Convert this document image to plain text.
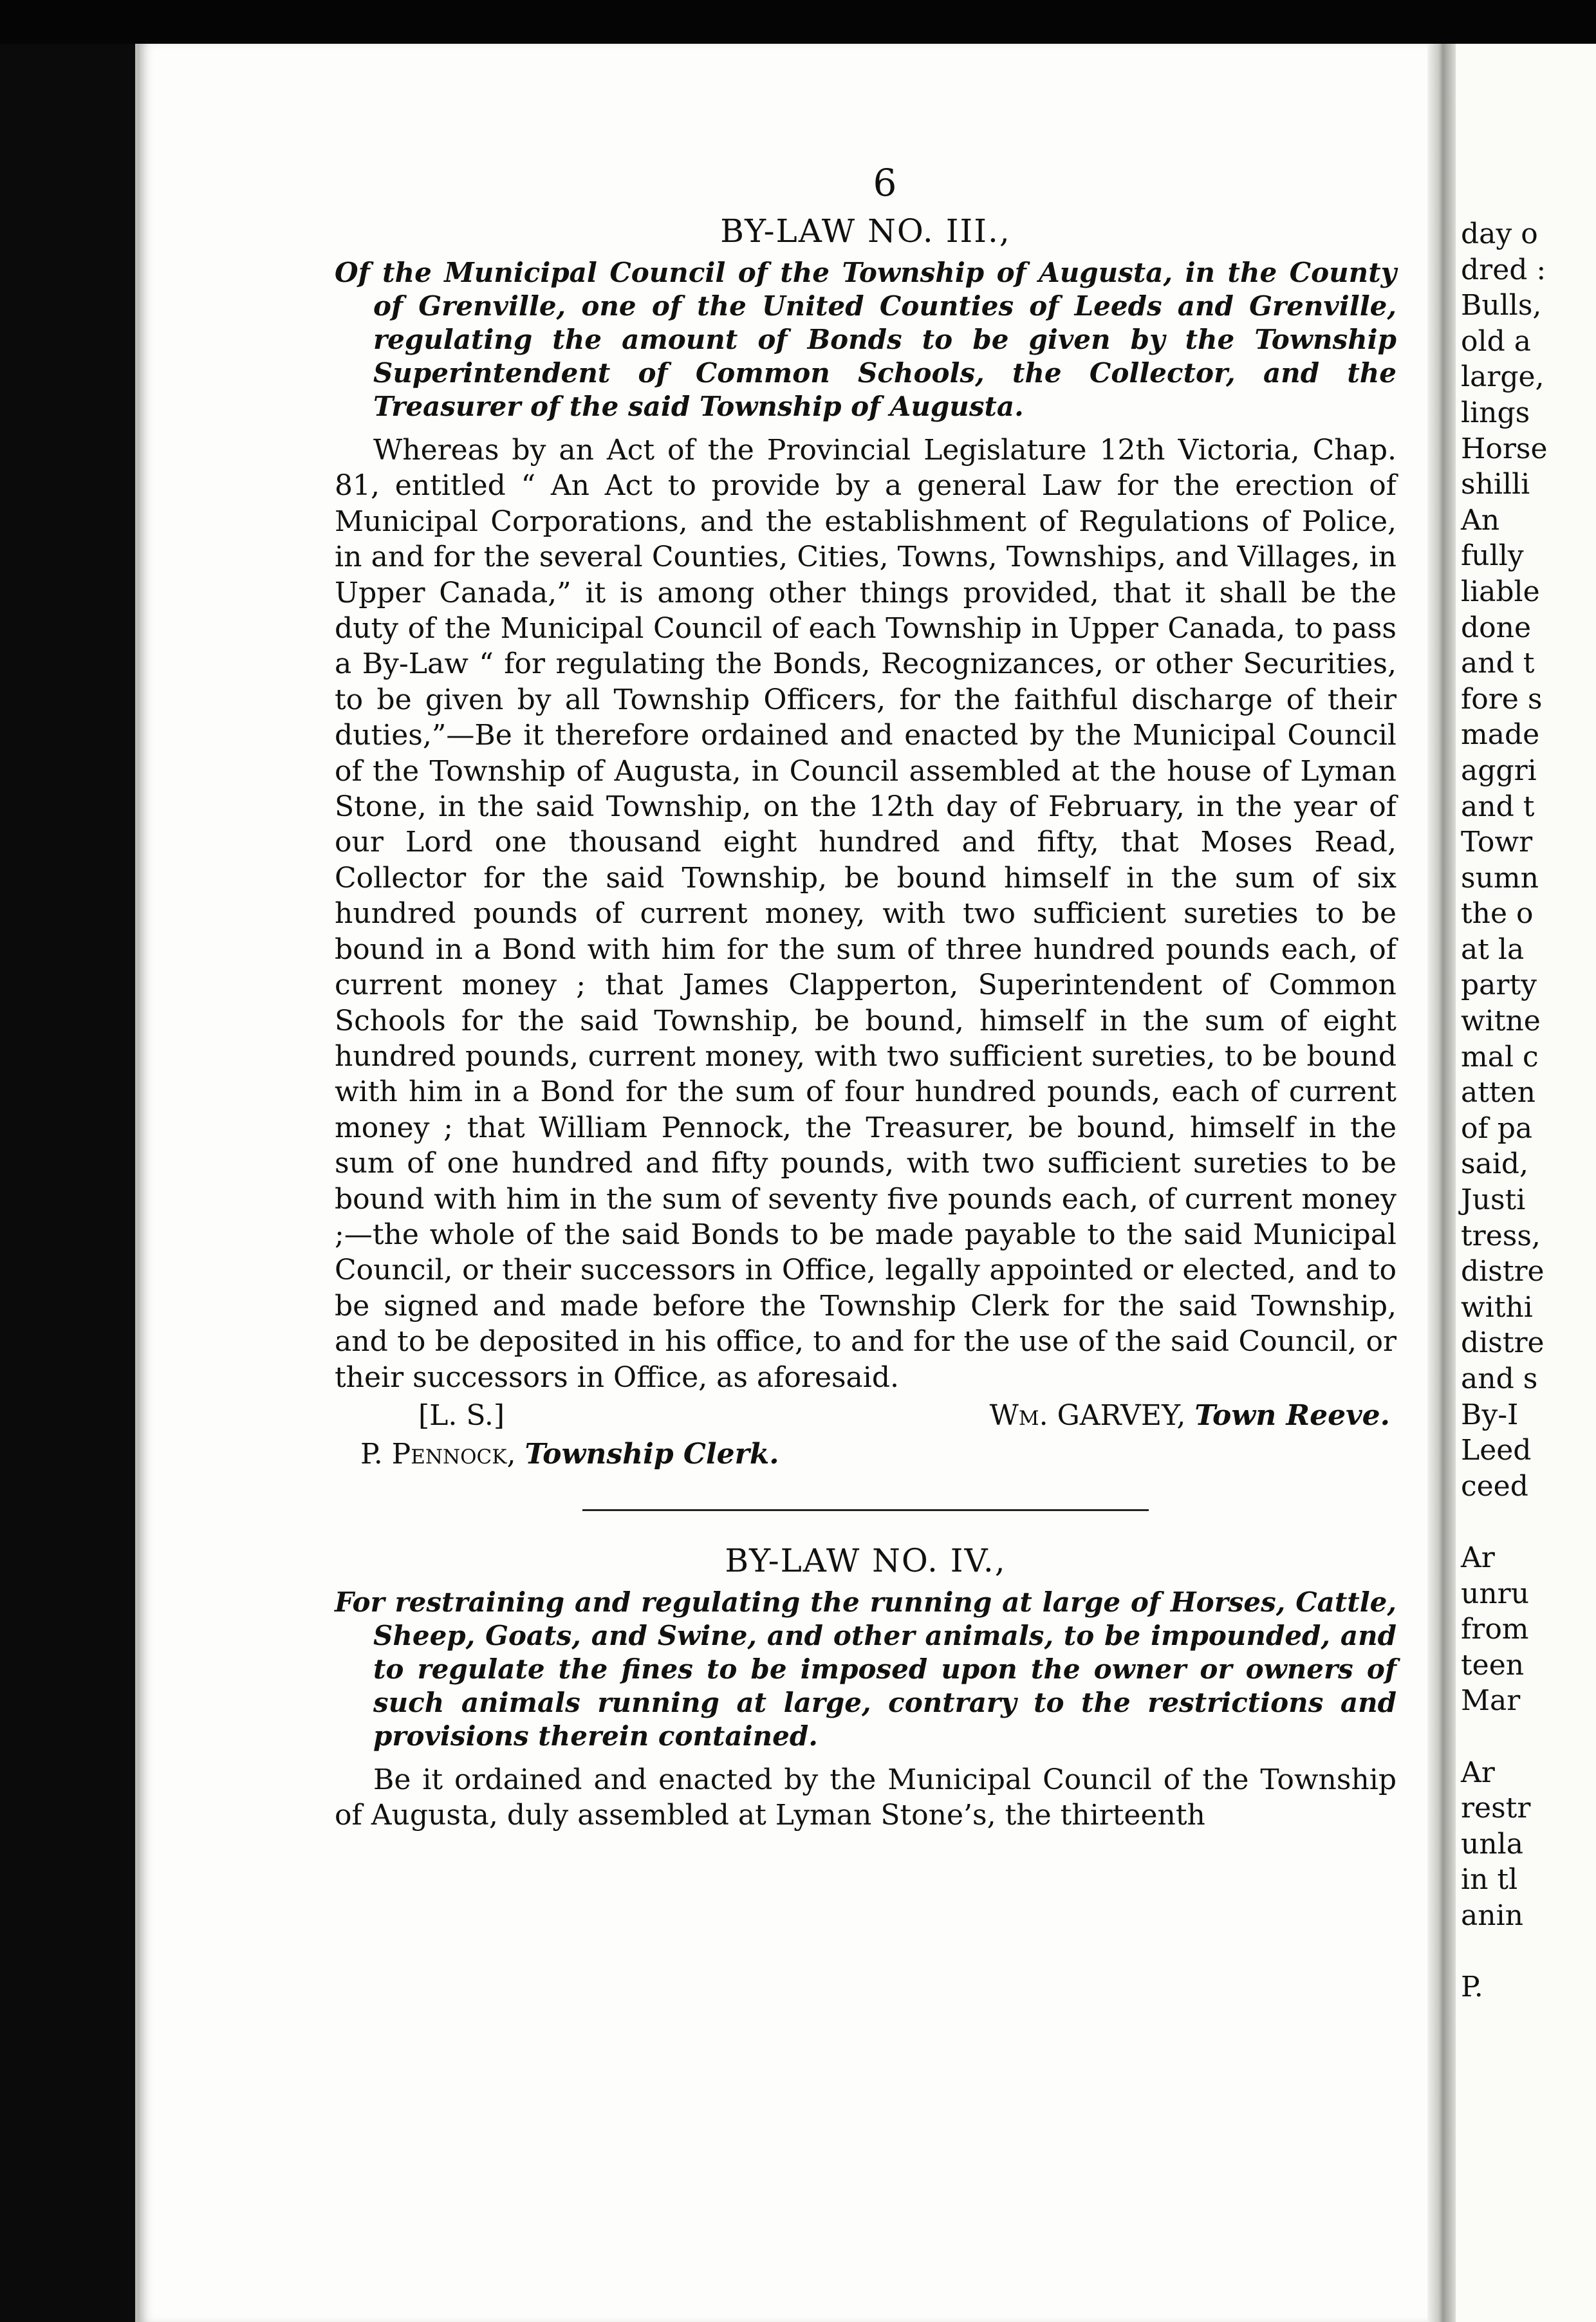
day o
dred :
Bulls,
old a
large,
lings
Horse
shilli
An
fully
liable
done
and t
fore s
made
aggri
and t
Towr
sumn
the o
at la
party
witne
mal c
atten
of pa
said,
Justi
tress,
distre
withi
distre
and s
By-I
Leed
ceed

Ar
unru
from
teen
Mar

Ar
restr
unla
in tl
anin

P.
6
BY-LAW NO. III.,

Of the Municipal Council of the Township of Augusta, in the County of Grenville, one of the United Counties of Leeds and Grenville, regulating the amount of Bonds to be given by the Township Superintendent of Common Schools, the Collector, and the Treasurer of the said Township of Augusta.

Whereas by an Act of the Provincial Legislature 12th Victoria, Chap. 81, entitled “ An Act to provide by a general Law for the erection of Municipal Corporations, and the establishment of Regulations of Police, in and for the several Counties, Cities, Towns, Townships, and Villages, in Upper Canada,” it is among other things provided, that it shall be the duty of the Municipal Council of each Township in Upper Canada, to pass a By-Law “ for regulating the Bonds, Recognizances, or other Securities, to be given by all Township Officers, for the faithful discharge of their duties,”—Be it therefore ordained and enacted by the Municipal Council of the Township of Augusta, in Council assembled at the house of Lyman Stone, in the said Township, on the 12th day of February, in the year of our Lord one thousand eight hundred and fifty, that Moses Read, Collector for the said Township, be bound himself in the sum of six hundred pounds of current money, with two sufficient sureties to be bound in a Bond with him for the sum of three hundred pounds each, of current money ; that James Clapperton, Superintendent of Common Schools for the said Township, be bound, himself in the sum of eight hundred pounds, current money, with two sufficient sureties, to be bound with him in a Bond for the sum of four hundred pounds, each of current money ; that William Pennock, the Treasurer, be bound, himself in the sum of one hundred and fifty pounds, with two sufficient sureties to be bound with him in the sum of seventy five pounds each, of current money ;—the whole of the said Bonds to be made payable to the said Municipal Council, or their successors in Office, legally appointed or elected, and to be signed and made before the Township Clerk for the said Township, and to be deposited in his office, to and for the use of the said Council, or their successors in Office, as aforesaid.

[L. S.]	Wm. GARVEY, Town Reeve.
P. Pennock, Township Clerk.
BY-LAW NO. IV.,

For restraining and regulating the running at large of Horses, Cattle, Sheep, Goats, and Swine, and other animals, to be impounded, and to regulate the fines to be imposed upon the owner or owners of such animals running at large, contrary to the restrictions and provisions therein contained.

Be it ordained and enacted by the Municipal Council of the Township of Augusta, duly assembled at Lyman Stone’s, the thirteenth
